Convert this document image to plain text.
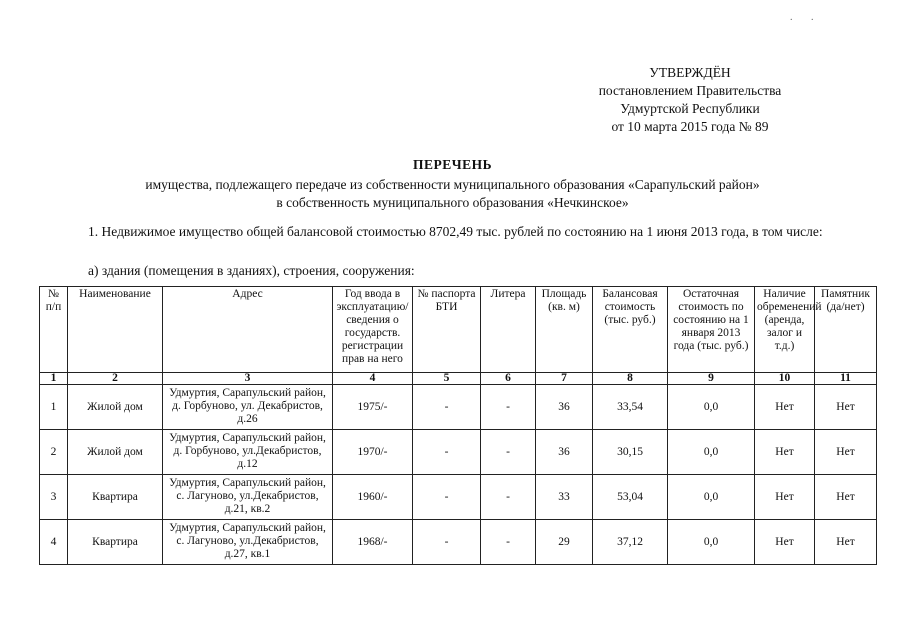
. .
УТВЕРЖДЁН
постановлением Правительства
Удмуртской Республики
от 10 марта 2015 года № 89
ПЕРЕЧЕНЬ
имущества, подлежащего передаче из собственности муниципального образования «Сарапульский район»
в собственность муниципального образования «Нечкинское»
1. Недвижимое имущество общей балансовой стоимостью 8702,49 тыс. рублей по состоянию на 1 июня 2013 года, в том числе:
а) здания (помещения в зданиях), строения, сооружения:
№ п/п	Наименование	Адрес	Год ввода в эксплуатацию/сведения о государств. регистрации прав на него	№ паспорта БТИ	Литера	Площадь (кв. м)	Балансовая стоимость (тыс. руб.)	Остаточная стоимость по состоянию на 1 января 2013 года (тыс. руб.)	Наличие обременений (аренда, залог и т.д.)	Памятник (да/нет)
1	2	3	4	5	6	7	8	9	10	11
1	Жилой дом	Удмуртия, Сарапульский район, д. Горбуново, ул. Декабристов, д.26	1975/-	-	-	36	33,54	0,0	Нет	Нет
2	Жилой дом	Удмуртия, Сарапульский район, д. Горбуново, ул.Декабристов, д.12	1970/-	-	-	36	30,15	0,0	Нет	Нет
3	Квартира	Удмуртия, Сарапульский район, с. Лагуново, ул.Декабристов, д.21, кв.2	1960/-	-	-	33	53,04	0,0	Нет	Нет
4	Квартира	Удмуртия, Сарапульский район, с. Лагуново, ул.Декабристов, д.27, кв.1	1968/-	-	-	29	37,12	0,0	Нет	Нет
